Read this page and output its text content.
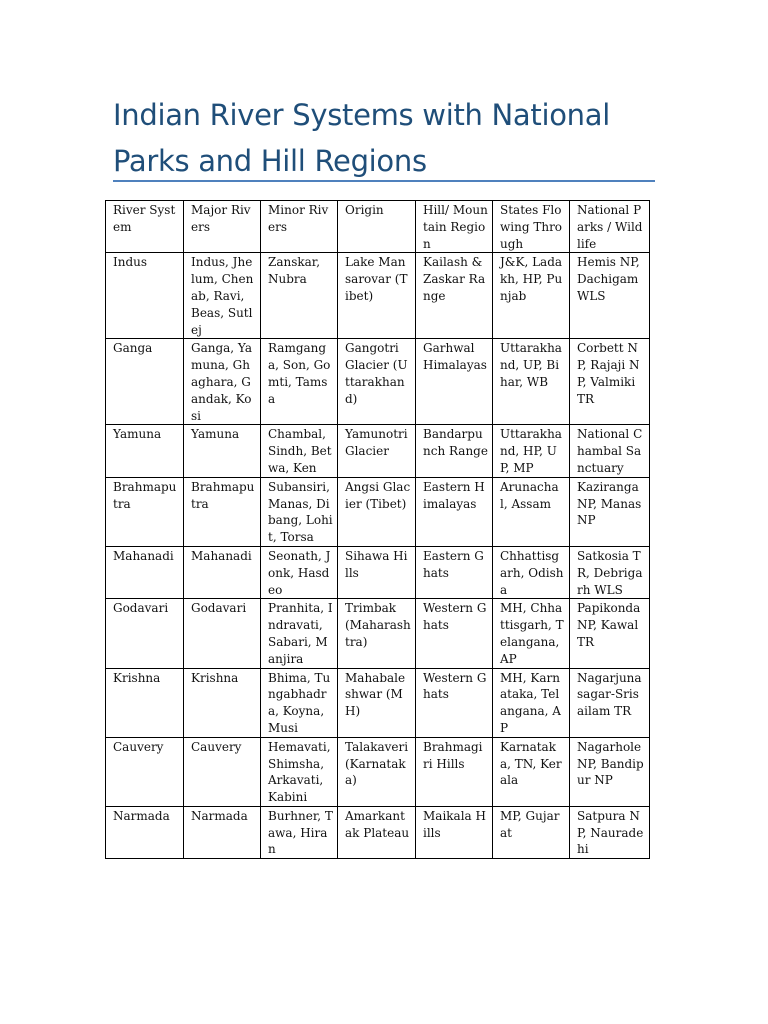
Indian River Systems with National Parks and Hill Regions
River System	Major Rivers	Minor Rivers	Origin	Hill/ Mountain Region	States Flowing Through	National Parks / Wildlife
Indus	Indus, Jhelum, Chenab, Ravi, Beas, Sutlej	Zanskar, Nubra	Lake Mansarovar (Tibet)	Kailash & Zaskar Range	J&K, Ladakh, HP, Punjab	Hemis NP, Dachigam WLS
Ganga	Ganga, Yamuna, Ghaghara, Gandak, Kosi	Ramganga, Son, Gomti, Tamsa	Gangotri Glacier (Uttarakhand)	Garhwal Himalayas	Uttarakhand, UP, Bihar, WB	Corbett NP, Rajaji NP, Valmiki TR
Yamuna	Yamuna	Chambal, Sindh, Betwa, Ken	Yamunotri Glacier	Bandarpunch Range	Uttarakhand, HP, UP, MP	National Chambal Sanctuary
Brahmaputra	Brahmaputra	Subansiri, Manas, Dibang, Lohit, Torsa	Angsi Glacier (Tibet)	Eastern Himalayas	Arunachal, Assam	Kaziranga NP, Manas NP
Mahanadi	Mahanadi	Seonath, Jonk, Hasdeo	Sihawa Hills	Eastern Ghats	Chhattisgarh, Odisha	Satkosia TR, Debrigarh WLS
Godavari	Godavari	Pranhita, Indravati, Sabari, Manjira	Trimbak (Maharashtra)	Western Ghats	MH, Chhattisgarh, Telangana, AP	Papikonda NP, Kawal TR
Krishna	Krishna	Bhima, Tungabhadra, Koyna, Musi	Mahabaleshwar (MH)	Western Ghats	MH, Karnataka, Telangana, AP	Nagarjunasagar-Srisailam TR
Cauvery	Cauvery	Hemavati, Shimsha, Arkavati, Kabini	Talakaveri (Karnataka)	Brahmagiri Hills	Karnataka, TN, Kerala	Nagarhole NP, Bandipur NP
Narmada	Narmada	Burhner, Tawa, Hiran	Amarkantak Plateau	Maikala Hills	MP, Gujarat	Satpura NP, Nauradehi
